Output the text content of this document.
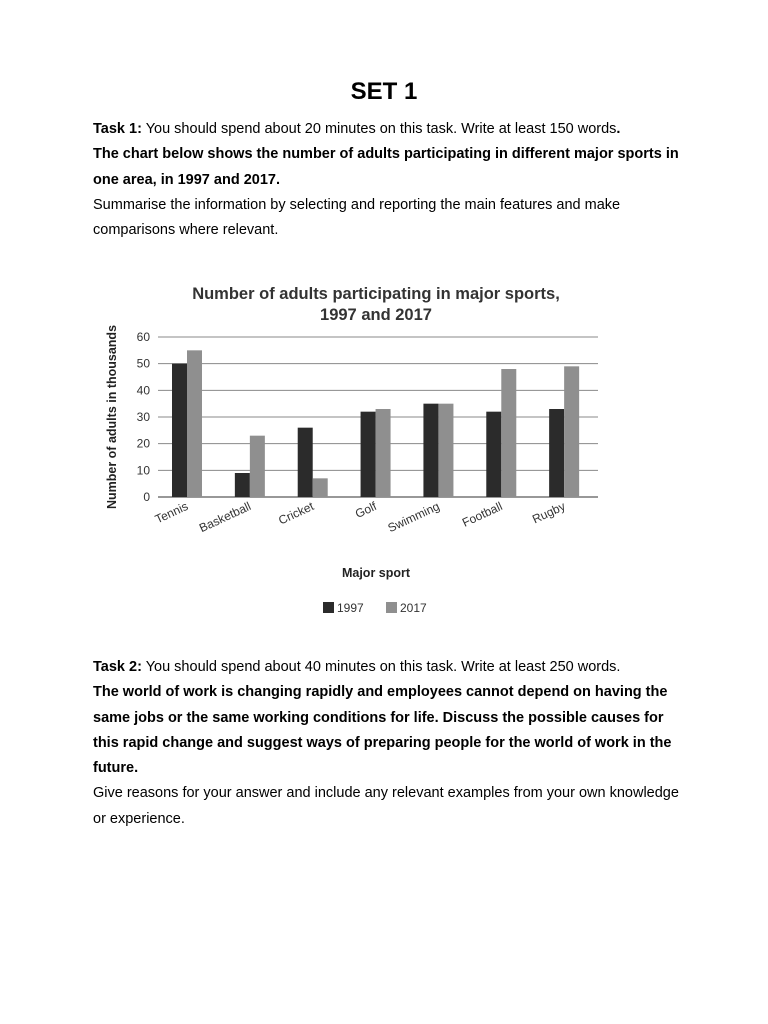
SET 1

Task 1: You should spend about 20 minutes on this task. Write at least 150 words.

The chart below shows the number of adults participating in different major sports in one area, in 1997 and 2017.

Summarise the information by selecting and reporting the main features and make comparisons where relevant.

Number of adults participating in major sports,
1997 and 2017
Number of adults in thousands 0
10
20
30
40
50
60
Tennis Basketball Cricket	Golf Swimming Football Rugby
Major sport
1997	2017

Task 2: You should spend about 40 minutes on this task. Write at least 250 words.

The world of work is changing rapidly and employees cannot depend on having the same jobs or the same working conditions for life. Discuss the possible causes for this rapid change and suggest ways of preparing people for the world of work in the future.

Give reasons for your answer and include any relevant examples from your own knowledge or experience.
